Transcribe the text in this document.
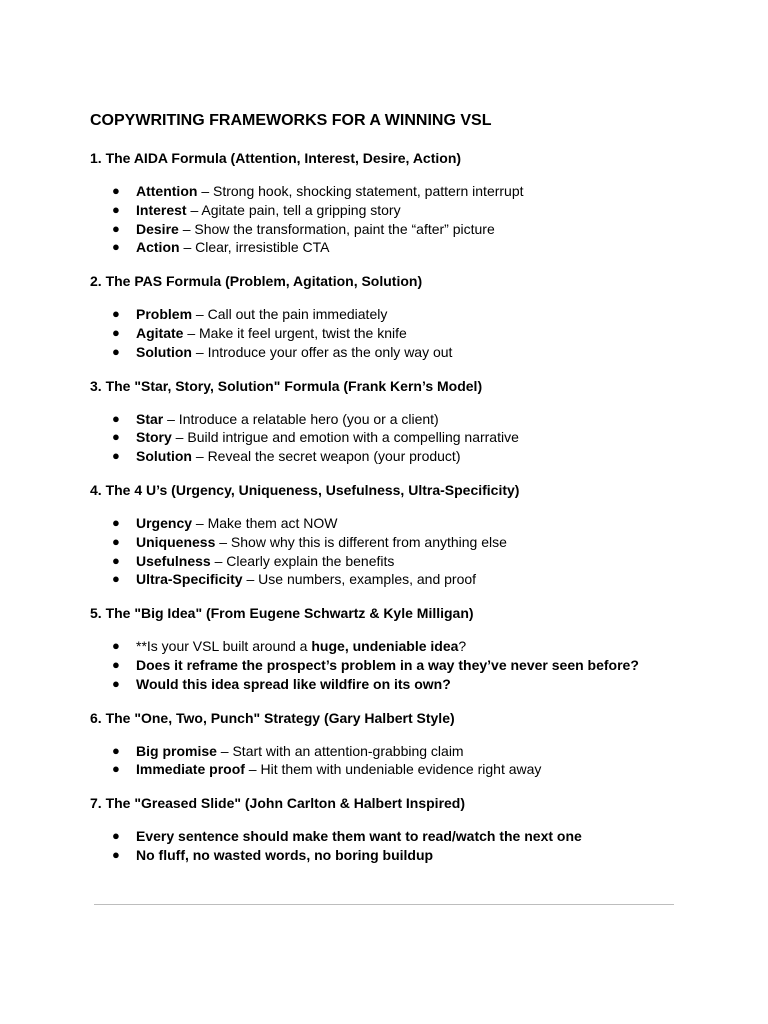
COPYWRITING FRAMEWORKS FOR A WINNING VSL
1. The AIDA Formula (Attention, Interest, Desire, Action)
● Attention – Strong hook, shocking statement, pattern interrupt
● Interest – Agitate pain, tell a gripping story
● Desire – Show the transformation, paint the “after” picture
● Action – Clear, irresistible CTA
2. The PAS Formula (Problem, Agitation, Solution)
● Problem – Call out the pain immediately
● Agitate – Make it feel urgent, twist the knife
● Solution – Introduce your offer as the only way out
3. The "Star, Story, Solution" Formula (Frank Kern’s Model)
● Star – Introduce a relatable hero (you or a client)
● Story – Build intrigue and emotion with a compelling narrative
● Solution – Reveal the secret weapon (your product)
4. The 4 U’s (Urgency, Uniqueness, Usefulness, Ultra-Specificity)
● Urgency – Make them act NOW
● Uniqueness – Show why this is different from anything else
● Usefulness – Clearly explain the benefits
● Ultra-Specificity – Use numbers, examples, and proof
5. The "Big Idea" (From Eugene Schwartz & Kyle Milligan)
● **Is your VSL built around a huge, undeniable idea?
● Does it reframe the prospect’s problem in a way they’ve never seen before?
● Would this idea spread like wildfire on its own?
6. The "One, Two, Punch" Strategy (Gary Halbert Style)
● Big promise – Start with an attention-grabbing claim
● Immediate proof – Hit them with undeniable evidence right away
7. The "Greased Slide" (John Carlton & Halbert Inspired)
● Every sentence should make them want to read/watch the next one
● No fluff, no wasted words, no boring buildup
